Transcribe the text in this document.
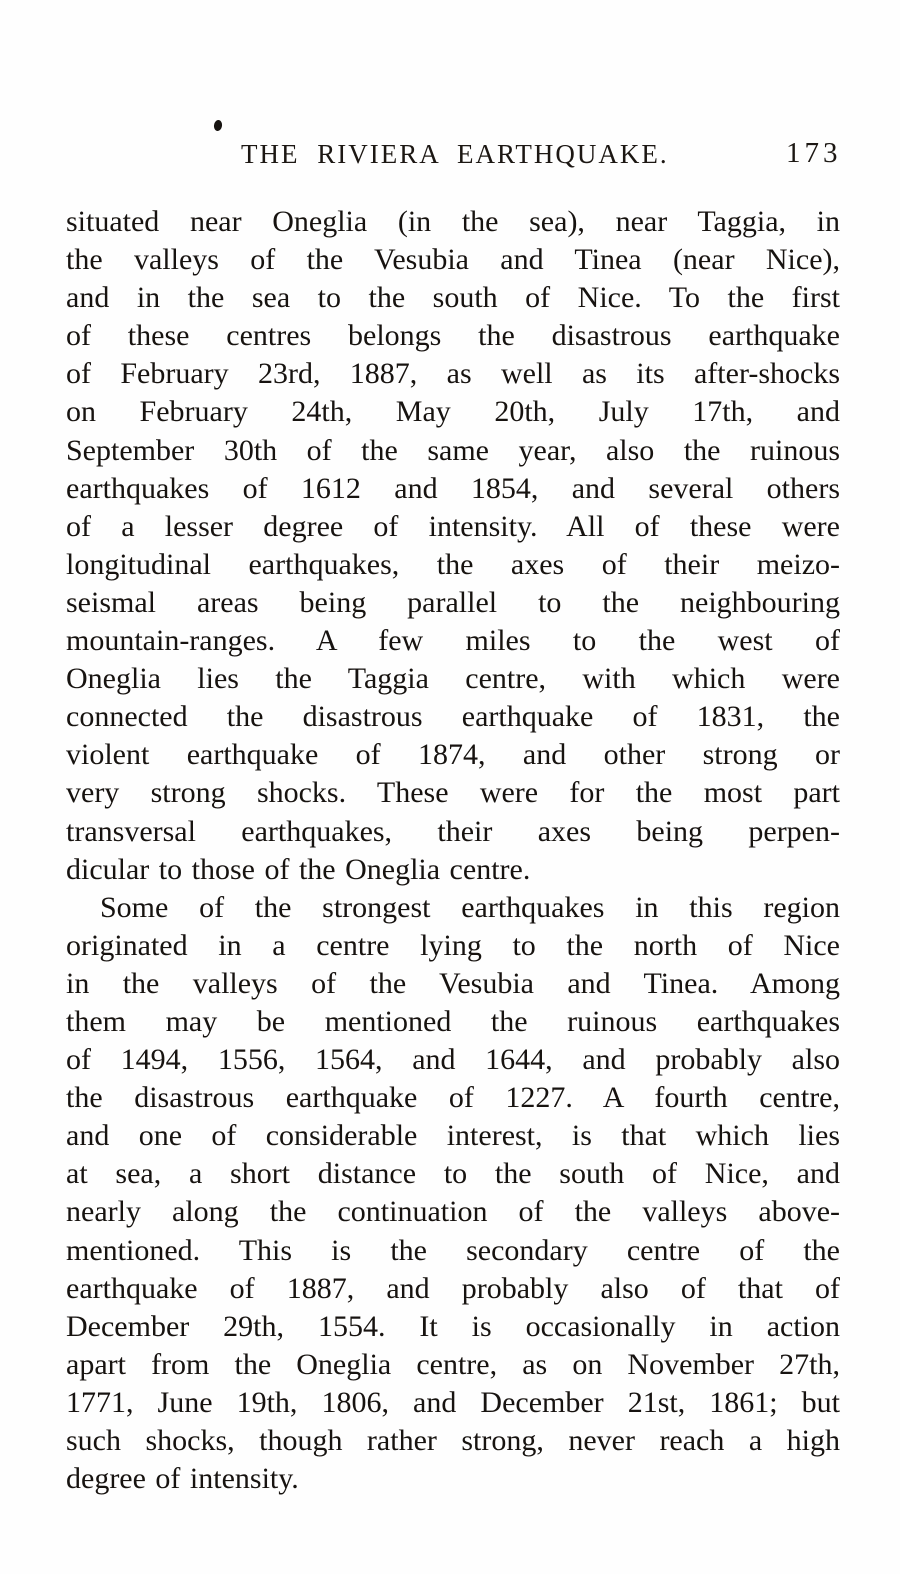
THE RIVIERA EARTHQUAKE.	173
situated near Oneglia (in the sea), near Taggia, in
the valleys of the Vesubia and Tinea (near Nice),
and in the sea to the south of Nice. To the first
of these centres belongs the disastrous earthquake
of February 23rd, 1887, as well as its after-shocks
on February 24th, May 20th, July 17th, and
September 30th of the same year, also the ruinous
earthquakes of 1612 and 1854, and several others
of a lesser degree of intensity. All of these were
longitudinal earthquakes, the axes of their meizo-
seismal areas being parallel to the neighbouring
mountain-ranges. A few miles to the west of
Oneglia lies the Taggia centre, with which were
connected the disastrous earthquake of 1831, the
violent earthquake of 1874, and other strong or
very strong shocks. These were for the most part
transversal earthquakes, their axes being perpen-
dicular to those of the Oneglia centre.
Some of the strongest earthquakes in this region
originated in a centre lying to the north of Nice
in the valleys of the Vesubia and Tinea. Among
them may be mentioned the ruinous earthquakes
of 1494, 1556, 1564, and 1644, and probably also
the disastrous earthquake of 1227. A fourth centre,
and one of considerable interest, is that which lies
at sea, a short distance to the south of Nice, and
nearly along the continuation of the valleys above-
mentioned. This is the secondary centre of the
earthquake of 1887, and probably also of that of
December 29th, 1554. It is occasionally in action
apart from the Oneglia centre, as on November 27th,
1771, June 19th, 1806, and December 21st, 1861; but
such shocks, though rather strong, never reach a high
degree of intensity.
